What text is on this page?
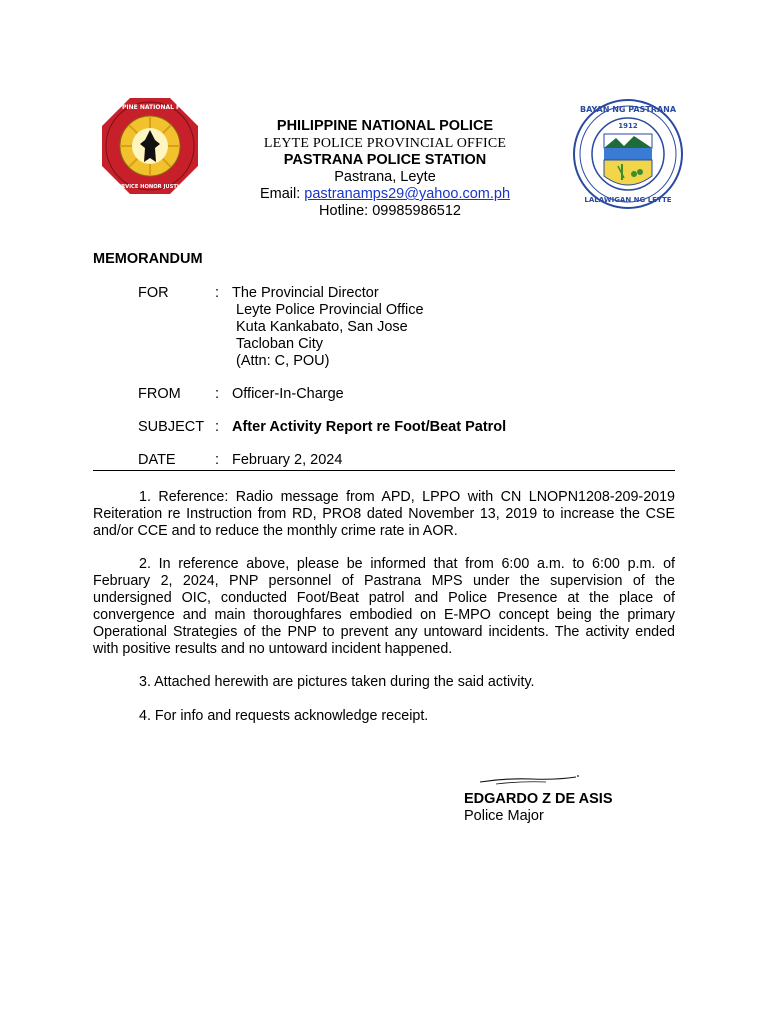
PHILIPPINE NATIONAL POLICE
SERVICE HONOR JUSTICE
1912
BAYAN NG PASTRANA
LALAWIGAN NG LEYTE
PHILIPPINE NATIONAL POLICE
LEYTE POLICE PROVINCIAL OFFICE
PASTRANA POLICE STATION
Pastrana, Leyte
Email: pastranamps29@yahoo.com.ph
Hotline: 09985986512
MEMORANDUM
FOR	: The Provincial Director
Leyte Police Provincial Office
Kuta Kankabato, San Jose
Tacloban City
(Attn: C, POU)
FROM : Officer-In-Charge
SUBJECT : After Activity Report re Foot/Beat Patrol
DATE	: February 2, 2024
1. Reference: Radio message from APD, LPPO with CN LNOPN1208-209-2019 Reiteration re Instruction from RD, PRO8 dated November 13, 2019 to increase the CSE and/or CCE and to reduce the monthly crime rate in AOR.
2. In reference above, please be informed that from 6:00 a.m. to 6:00 p.m. of February 2, 2024, PNP personnel of Pastrana MPS under the supervision of the undersigned OIC, conducted Foot/Beat patrol and Police Presence at the place of convergence and main thoroughfares embodied on E-MPO concept being the primary Operational Strategies of the PNP to prevent any untoward incidents. The activity ended with positive results and no untoward incident happened.
3. Attached herewith are pictures taken during the said activity.
4. For info and requests acknowledge receipt.
EDGARDO Z DE ASIS
Police Major
